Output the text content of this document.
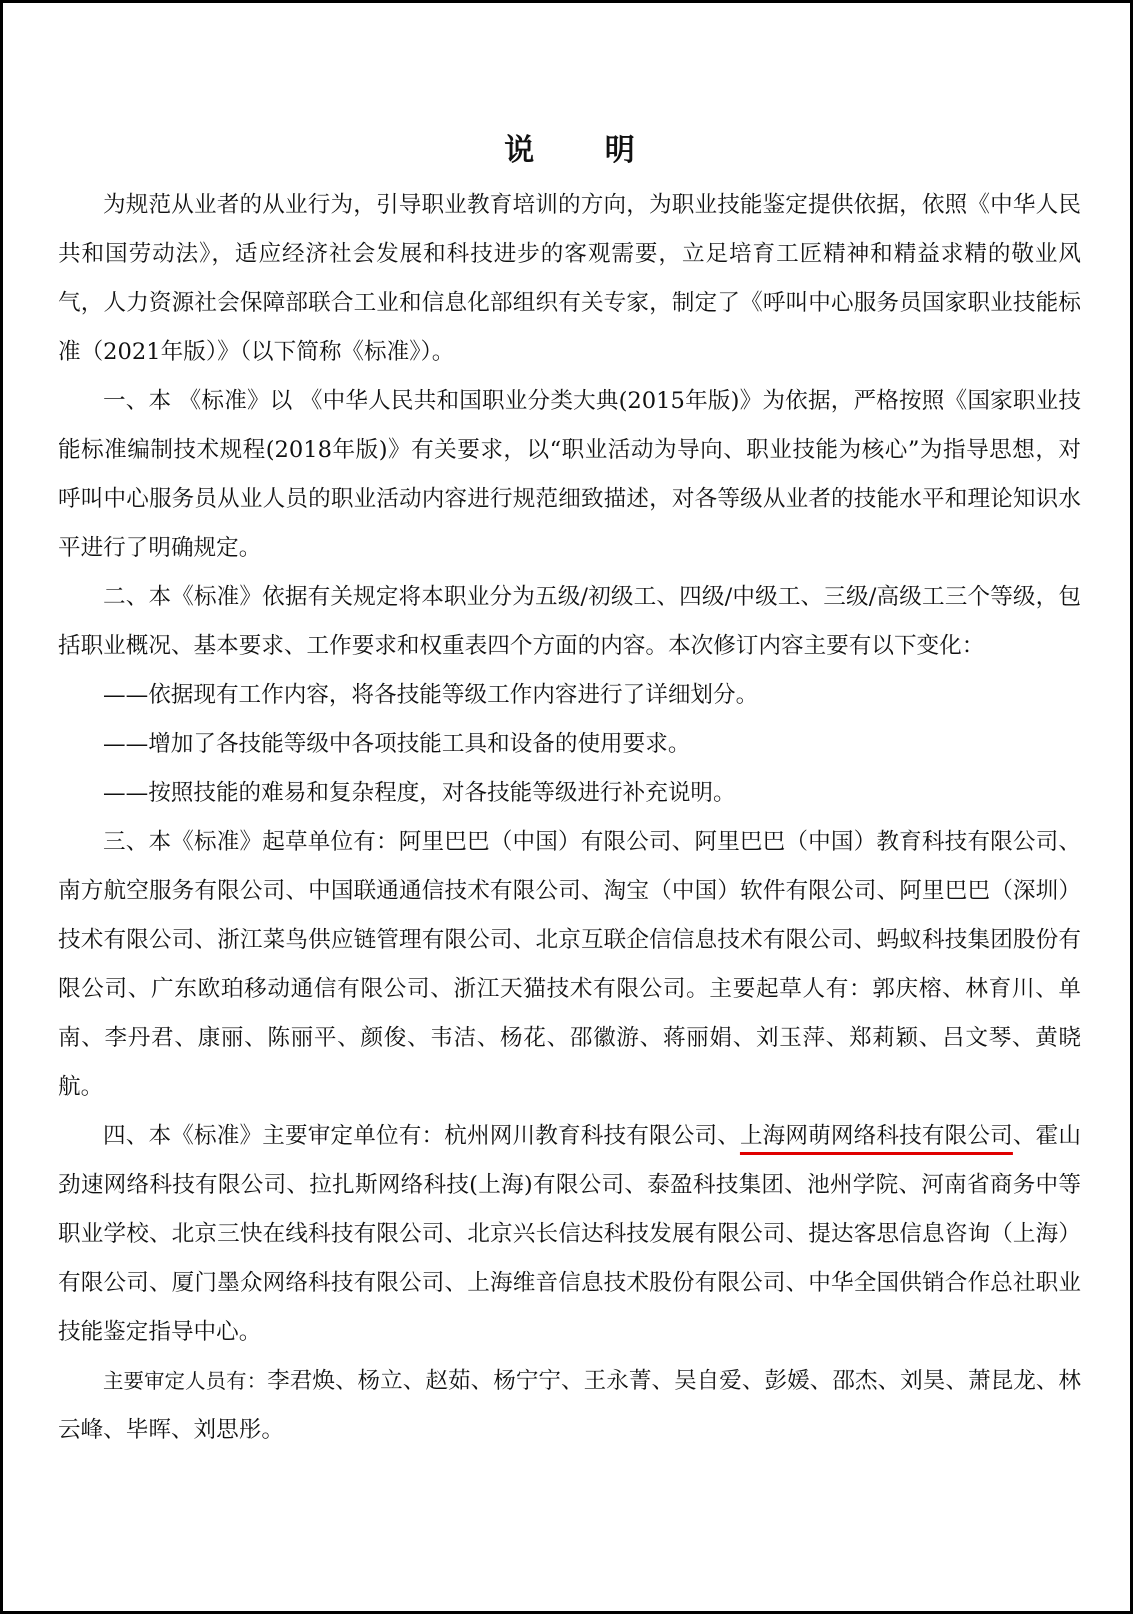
说 明

为规范从业者的从业行为，引导职业教育培训的方向，为职业技能鉴定提供依据，依照《中华人民共和国劳动法》，适应经济社会发展和科技进步的客观需要，立足培育工匠精神和精益求精的敬业风气，人力资源社会保障部联合工业和信息化部组织有关专家，制定了《呼叫中心服务员国家职业技能标准（2021年版）》（以下简称《标准》）。

一、本 《标准》以 《中华人民共和国职业分类大典(2015年版)》为依据，严格按照《国家职业技能标准编制技术规程(2018年版)》有关要求，以“职业活动为导向、职业技能为核心”为指导思想，对呼叫中心服务员从业人员的职业活动内容进行规范细致描述，对各等级从业者的技能水平和理论知识水平进行了明确规定。

二、本《标准》依据有关规定将本职业分为五级/初级工、四级/中级工、三级/高级工三个等级，包括职业概况、基本要求、工作要求和权重表四个方面的内容。本次修订内容主要有以下变化：

——依据现有工作内容，将各技能等级工作内容进行了详细划分。

——增加了各技能等级中各项技能工具和设备的使用要求。

——按照技能的难易和复杂程度，对各技能等级进行补充说明。

三、本《标准》起草单位有：阿里巴巴（中国）有限公司、阿里巴巴（中国）教育科技有限公司、南方航空服务有限公司、中国联通通信技术有限公司、淘宝（中国）软件有限公司、阿里巴巴（深圳）技术有限公司、浙江菜鸟供应链管理有限公司、北京互联企信信息技术有限公司、蚂蚁科技集团股份有限公司、广东欧珀移动通信有限公司、浙江天猫技术有限公司。主要起草人有：郭庆榕、林育川、单南、李丹君、康丽、陈丽平、颜俊、韦洁、杨花、邵徽游、蒋丽娟、刘玉萍、郑莉颖、吕文琴、黄晓航。

四、本《标准》主要审定单位有：杭州网川教育科技有限公司、上海网萌网络科技有限公司、霍山劲速网络科技有限公司、拉扎斯网络科技(上海)有限公司、泰盈科技集团、池州学院、河南省商务中等职业学校、北京三快在线科技有限公司、北京兴长信达科技发展有限公司、提达客思信息咨询（上海）有限公司、厦门墨众网络科技有限公司、上海维音信息技术股份有限公司、中华全国供销合作总社职业技能鉴定指导中心。

主要审定人员有：李君焕、杨立、赵茹、杨宁宁、王永菁、吴自爱、彭媛、邵杰、刘昊、萧昆龙、林云峰、毕晖、刘思彤。
